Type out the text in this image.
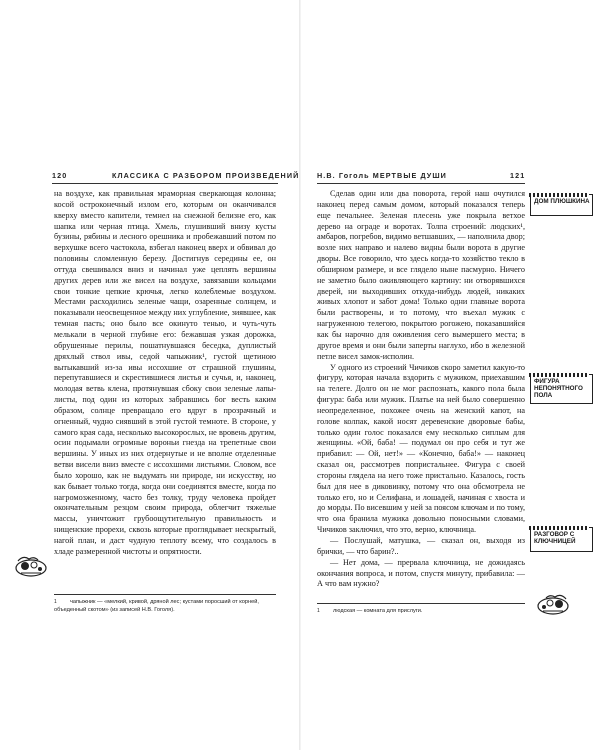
120	КЛАССИКА С РАЗБОРОМ ПРОИЗВЕДЕНИЙ

на воздухе, как правильная мраморная сверкающая колонна; косой остроконечный излом его, которым он оканчивался кверху вместо капители, темнел на снежной белизне его, как шапка или черная птица. Хмель, глушивший внизу кусты бузины, рябины и лесного орешника и пробежавший потом по верхушке всего частокола, взбегал наконец вверх и обвивал до половины сломленную березу. Достигнув середины ее, он оттуда свешивался вниз и начинал уже цеплять вершины других дерев или же висел на воздухе, завязавши кольцами свои тонкие цепкие крючья, легко колеблемые воздухом. Местами расходились зеленые чащи, озаренные солнцем, и показывали неосвещенное между них углубление, зиявшее, как темная пасть; оно было все окинуто тенью, и чуть-чуть мелькали в черной глубине его: бежавшая узкая дорожка, обрушенные перилы, пошатнувшаяся беседка, дуплистый дряхлый ствол ивы, седой чапыжник¹, густой щетиною вытыкавший из-за ивы иссохшие от страшной глушины, перепутавшиеся и скрестившиеся листья и сучья, и, наконец, молодая ветвь клена, протянувшая сбоку свои зеленые лапы-листы, под один из которых забравшись бог весть каким образом, солнце превращало его вдруг в прозрачный и огненный, чудно сиявший в этой густой темноте. В стороне, у самого края сада, несколько высокорослых, не вровень другим, осин подымали огромные вороньи гнезда на трепетные свои вершины. У иных из них отдернутые и не вполне отделенные ветви висели вниз вместе с иссохшими листьями. Словом, все было хорошо, как не выдумать ни природе, ни искусству, но как бывает только тогда, когда они соединятся вместе, когда по нагромозженному, часто без толку, труду человека пройдет окончательным резцом своим природа, облегчит тяжелые массы, уничтожит грубоощутительную правильность и нищенские прорехи, сквозь которые проглядывает нескрытый, нагой план, и даст чудную теплоту всему, что создалось в хладе размеренной чистоты и опрятности.

1 чапыжник — «мелкий, кривой, дряной лес; кустами поросший от корней, объеденный скотом» (из записей Н.В. Гоголя).
Н.В. Гоголь МЕРТВЫЕ ДУШИ	121

Сделав один или два поворота, герой наш очутился наконец перед самым домом, который показался теперь еще печальнее. Зеленая плесень уже покрыла ветхое дерево на ограде и воротах. Толпа строений: людских¹, амбаров, погребов, видимо ветшавших, — наполнила двор; возле них направо и налево видны были ворота в другие дворы. Все говорило, что здесь когда-то хозяйство текло в обширном размере, и все глядело ныне пасмурно. Ничего не заметно было оживляющего картину: ни отворявшихся дверей, ни выходивших откуда-нибудь людей, никаких живых хлопот и забот дома! Только одни главные ворота были растворены, и то потому, что въехал мужик с нагруженною телегою, покрытою рогожею, показавшийся как бы нарочно для оживления сего вымершего места; в другое время и они были заперты наглухо, ибо в железной петле висел замок-исполин.

У одного из строений Чичиков скоро заметил какую-то фигуру, которая начала вздорить с мужиком, приехавшим на телеге. Долго он не мог распознать, какого пола была фигура: баба или мужик. Платье на ней было совершенно неопределенное, похожее очень на женский капот, на голове колпак, какой носят деревенские дворовые бабы, только один голос показался ему несколько сиплым для женщины. «Ой, баба! — подумал он про себя и тут же прибавил: — Ой, нет!» — «Конечно, баба!» — наконец сказал он, рассмотрев попристальнее. Фигура с своей стороны глядела на него тоже пристально. Казалось, гость был для нее в диковинку, потому что она обсмотрела не только его, но и Селифана, и лошадей, начиная с хвоста и до морды. По висевшим у ней за поясом ключам и по тому, что она бранила мужика довольно поносными словами, Чичиков заключил, что это, верно, ключница.

— Послушай, матушка, — сказал он, выходя из брички, — что барин?..

— Нет дома, — прервала ключница, не дожидаясь окончания вопроса, и потом, спустя минуту, прибавила: — А что вам нужно?

1 людская — комната для прислуги.
ДОМ ПЛЮШКИНА
ФИГУРА НЕПОНЯТНОГО ПОЛА
РАЗГОВОР С КЛЮЧНИЦЕЙ
